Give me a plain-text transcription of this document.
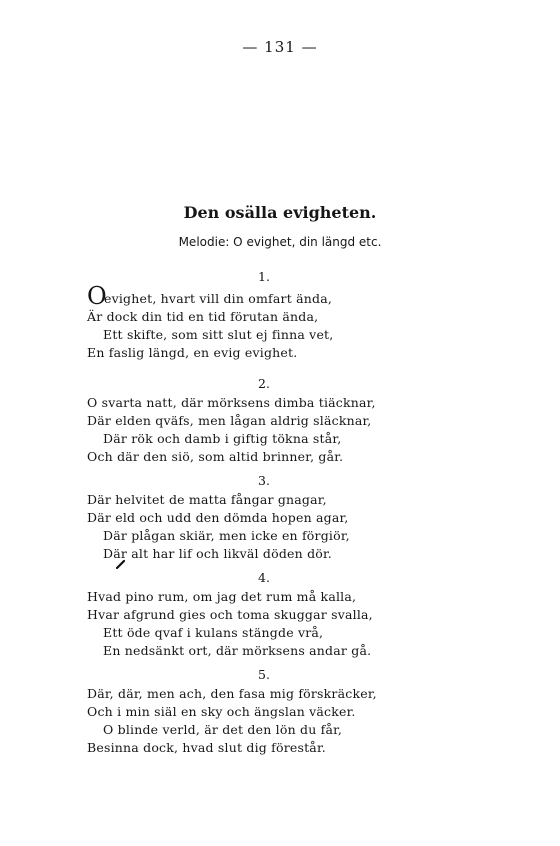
— 131 —
Den osälla evigheten.
Melodie: O evighet, din längd etc.
1.
Oevighet, hvart vill din omfart ända,
Är dock din tid en tid förutan ända,
Ett skifte, som sitt slut ej finna vet,
En faslig längd, en evig evighet.
2.
O svarta natt, där mörksens dimba tiäcknar,
Där elden qväfs, men lågan aldrig släcknar,
Där rök och damb i giftig tökna står,
Och där den siö, som altid brinner, går.
3.
Där helvitet de matta fångar gnagar,
Där eld och udd den dömda hopen agar,
Där plågan skiär, men icke en förgiör,
Där alt har lif och likväl döden dör.
4.
Hvad pino rum, om jag det rum må kalla,
Hvar afgrund gies och toma skuggar svalla,
Ett öde qvaf i kulans stängde vrå,
En nedsänkt ort, där mörksens andar gå.
5.
Där, där, men ach, den fasa mig förskräcker,
Och i min siäl en sky och ängslan väcker.
O blinde verld, är det den lön du får,
Besinna dock, hvad slut dig förestår.
